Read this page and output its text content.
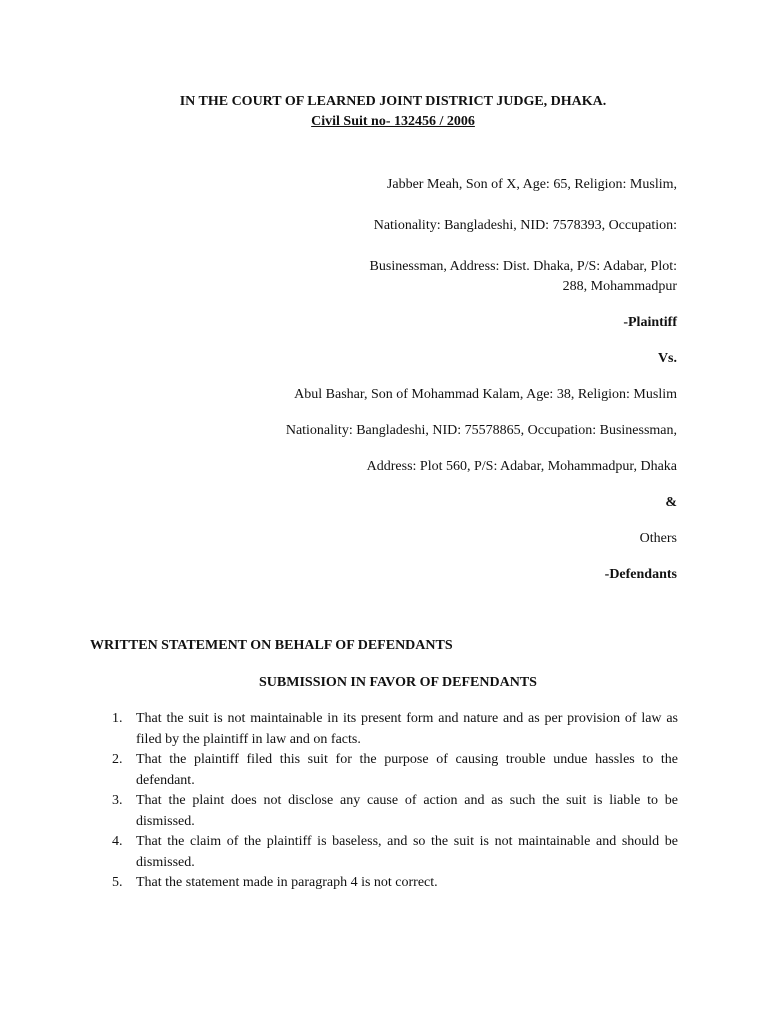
IN THE COURT OF LEARNED JOINT DISTRICT JUDGE, DHAKA.
Civil Suit no- 132456 / 2006
Jabber Meah, Son of X, Age: 65, Religion: Muslim,
Nationality: Bangladeshi, NID: 7578393, Occupation:
Businessman, Address: Dist. Dhaka, P/S: Adabar, Plot:
288, Mohammadpur
-Plaintiff
Vs.
Abul Bashar, Son of Mohammad Kalam, Age: 38, Religion: Muslim
Nationality: Bangladeshi, NID: 75578865, Occupation: Businessman,
Address: Plot 560, P/S: Adabar, Mohammadpur, Dhaka
&
Others
-Defendants
WRITTEN STATEMENT ON BEHALF OF DEFENDANTS
SUBMISSION IN FAVOR OF DEFENDANTS
1. That the suit is not maintainable in its present form and nature and as per provision of law as filed by the plaintiff in law and on facts.
2. That the plaintiff filed this suit for the purpose of causing trouble undue hassles to the defendant.
3. That the plaint does not disclose any cause of action and as such the suit is liable to be dismissed.
4. That the claim of the plaintiff is baseless, and so the suit is not maintainable and should be dismissed.
5. That the statement made in paragraph 4 is not correct.
